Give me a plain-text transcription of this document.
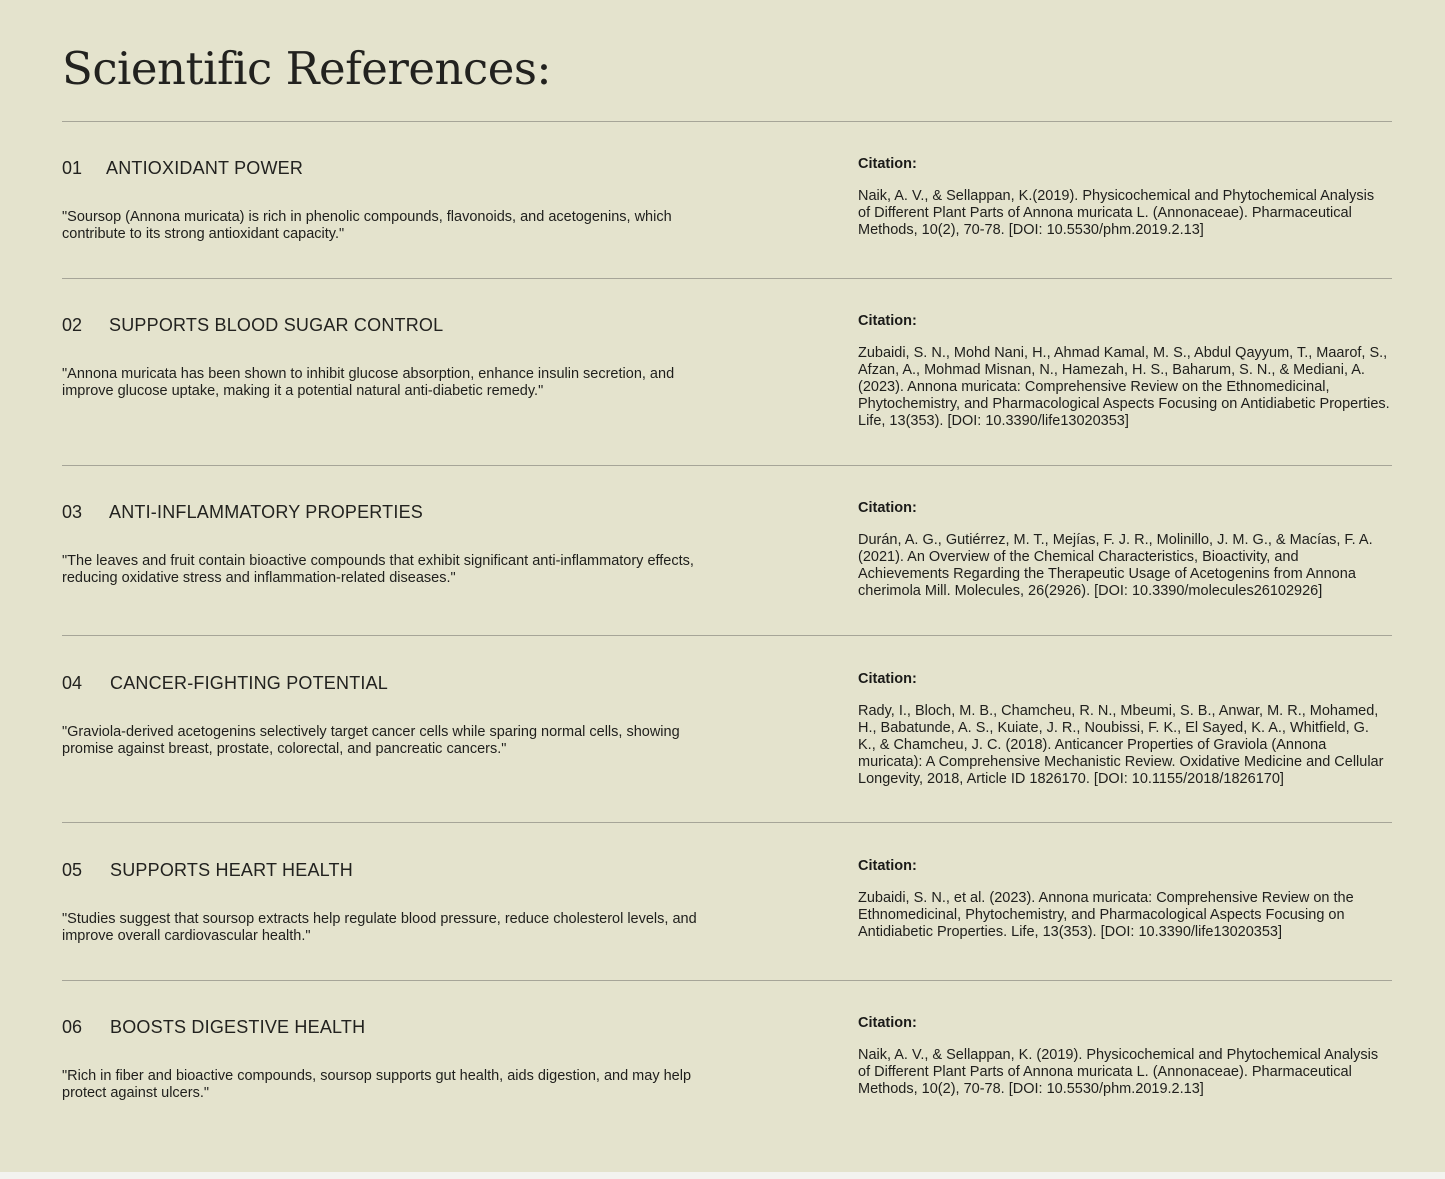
Scientific References:
01 ANTIOXIDANT POWER
"Soursop (Annona muricata) is rich in phenolic compounds, flavonoids, and acetogenins, which contribute to its strong antioxidant capacity."
Citation:
Naik, A. V., & Sellappan, K.(2019). Physicochemical and Phytochemical Analysis of Different Plant Parts of Annona muricata L. (Annonaceae). Pharmaceutical Methods, 10(2), 70-78. [DOI: 10.5530/phm.2019.2.13]
02 SUPPORTS BLOOD SUGAR CONTROL
"Annona muricata has been shown to inhibit glucose absorption, enhance insulin secretion, and improve glucose uptake, making it a potential natural anti-diabetic remedy."
Citation:
Zubaidi, S. N., Mohd Nani, H., Ahmad Kamal, M. S., Abdul Qayyum, T., Maarof, S., Afzan, A., Mohmad Misnan, N., Hamezah, H. S., Baharum, S. N., & Mediani, A. (2023). Annona muricata: Comprehensive Review on the Ethnomedicinal, Phytochemistry, and Pharmacological Aspects Focusing on Antidiabetic Properties. Life, 13(353). [DOI: 10.3390/life13020353]
03 ANTI-INFLAMMATORY PROPERTIES
"The leaves and fruit contain bioactive compounds that exhibit significant anti-inflammatory effects, reducing oxidative stress and inflammation-related diseases."
Citation:
Durán, A. G., Gutiérrez, M. T., Mejías, F. J. R., Molinillo, J. M. G., & Macías, F. A. (2021). An Overview of the Chemical Characteristics, Bioactivity, and Achievements Regarding the Therapeutic Usage of Acetogenins from Annona cherimola Mill. Molecules, 26(2926). [DOI: 10.3390/molecules26102926]
04 CANCER-FIGHTING POTENTIAL
"Graviola-derived acetogenins selectively target cancer cells while sparing normal cells, showing promise against breast, prostate, colorectal, and pancreatic cancers."
Citation:
Rady, I., Bloch, M. B., Chamcheu, R. N., Mbeumi, S. B., Anwar, M. R., Mohamed, H., Babatunde, A. S., Kuiate, J. R., Noubissi, F. K., El Sayed, K. A., Whitfield, G. K., & Chamcheu, J. C. (2018). Anticancer Properties of Graviola (Annona muricata): A Comprehensive Mechanistic Review. Oxidative Medicine and Cellular Longevity, 2018, Article ID 1826170. [DOI: 10.1155/2018/1826170]
05 SUPPORTS HEART HEALTH
"Studies suggest that soursop extracts help regulate blood pressure, reduce cholesterol levels, and improve overall cardiovascular health."
Citation:
Zubaidi, S. N., et al. (2023). Annona muricata: Comprehensive Review on the Ethnomedicinal, Phytochemistry, and Pharmacological Aspects Focusing on Antidiabetic Properties. Life, 13(353). [DOI: 10.3390/life13020353]
06 BOOSTS DIGESTIVE HEALTH
"Rich in fiber and bioactive compounds, soursop supports gut health, aids digestion, and may help protect against ulcers."
Citation:
Naik, A. V., & Sellappan, K. (2019). Physicochemical and Phytochemical Analysis of Different Plant Parts of Annona muricata L. (Annonaceae). Pharmaceutical Methods, 10(2), 70-78. [DOI: 10.5530/phm.2019.2.13]
